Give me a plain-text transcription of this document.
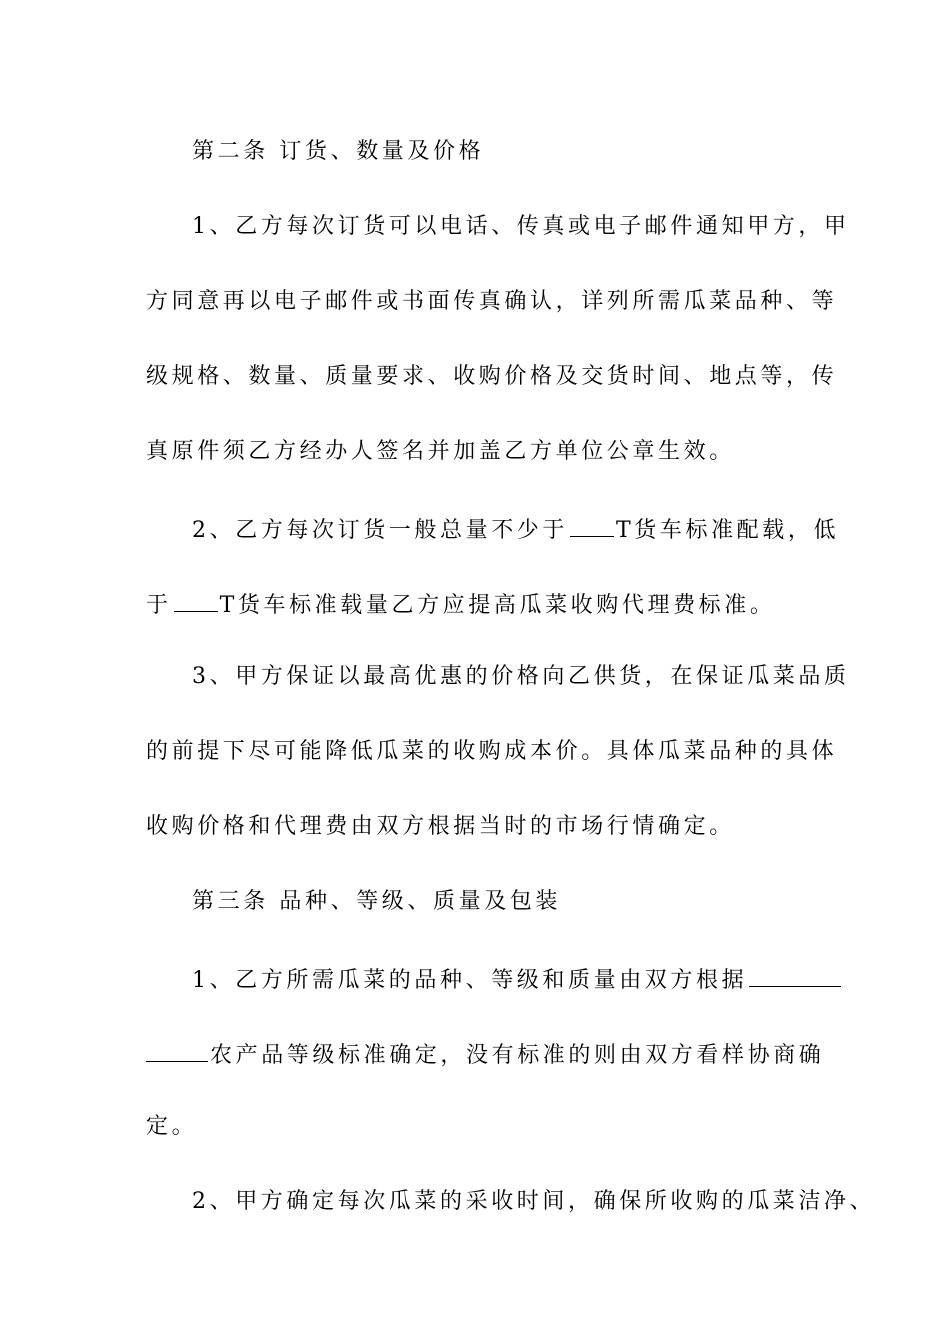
第二条 订货、数量及价格
1、乙方每次订货可以电话、传真或电子邮件通知甲方，甲
方同意再以电子邮件或书面传真确认，详列所需瓜菜品种、等
级规格、数量、质量要求、收购价格及交货时间、地点等，传
真原件须乙方经办人签名并加盖乙方单位公章生效。
2、乙方每次订货一般总量不少于 T货车标准配载，低
于 T货车标准载量乙方应提高瓜菜收购代理费标准。
3、甲方保证以最高优惠的价格向乙供货，在保证瓜菜品质
的前提下尽可能降低瓜菜的收购成本价。具体瓜菜品种的具体
收购价格和代理费由双方根据当时的市场行情确定。
第三条 品种、等级、质量及包装
1、乙方所需瓜菜的品种、等级和质量由双方根据
农产品等级标准确定，没有标准的则由双方看样协商确
定。
2、甲方确定每次瓜菜的采收时间，确保所收购的瓜菜洁净、
